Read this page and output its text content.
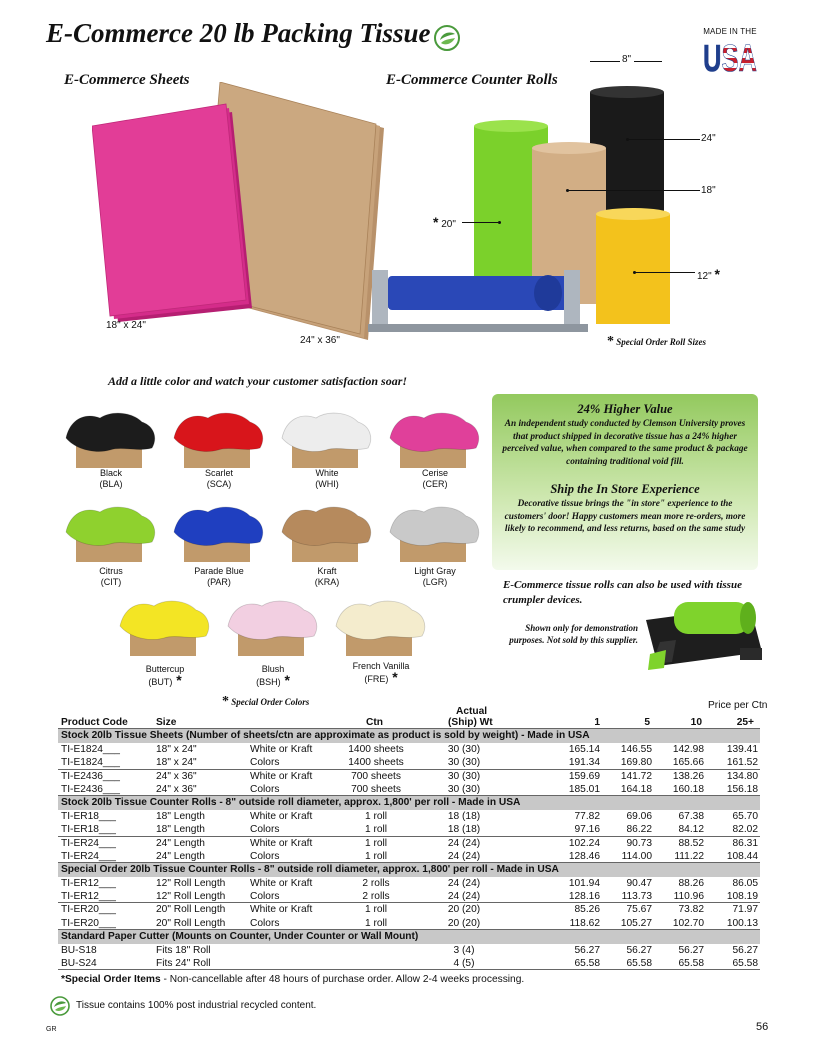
E-Commerce 20 lb Packing Tissue	MADE IN THE
USA
E-Commerce Sheets
18" x 24"
24" x 36"
E-Commerce Counter Rolls
8"
24"
18"
* 20"
12" *
* Special Order Roll Sizes
Add a little color and watch your customer satisfaction soar!
Black
(BLA)
Scarlet
(SCA)
White
(WHI)
Cerise
(CER)
Citrus
(CIT)
Parade Blue
(PAR)
Kraft
(KRA)
Light Gray
(LGR)
Buttercup
(BUT) *
Blush
(BSH) *
French Vanilla
(FRE) *
* Special Order Colors
24% Higher Value
An independent study conducted by Clemson University proves that product shipped in decorative tissue has a 24% higher perceived value, when compared to the same product & package containing traditional void fill.
Ship the In Store Experience
Decorative tissue brings the "in store" experience to the customers' door! Happy customers mean more re-orders, more likely to recommend, and less returns, based on the same study
E-Commerce tissue rolls can also be used with tissue crumpler devices.
Shown only for demonstration purposes. Not sold by this supplier.
Price per Ctn
Actual
Product Code	Size	Ctn	(Ship) Wt	1	5	10	25+
Stock 20lb Tissue Sheets (Number of sheets/ctn are approximate as product is sold by weight) - Made in USA
TI-E1824___	18" x 24"	White or Kraft	1400 sheets	30 (30)	165.14 146.55 142.98 139.41
TI-E1824___	18" x 24"	Colors	1400 sheets	30 (30)	191.34 169.80 165.66 161.52
TI-E2436___	24" x 36"	White or Kraft	700 sheets	30 (30)	159.69 141.72 138.26 134.80
TI-E2436___	24" x 36"	Colors	700 sheets	30 (30)	185.01 164.18 160.18 156.18
Stock 20lb Tissue Counter Rolls - 8" outside roll diameter, approx. 1,800' per roll - Made in USA
TI-ER18___	18" Length	White or Kraft	1 roll	18 (18)	77.82	69.06	67.38	65.70
TI-ER18___	18" Length	Colors	1 roll	18 (18)	97.16	86.22	84.12	82.02
TI-ER24___	24" Length	White or Kraft	1 roll	24 (24)	102.24	90.73	88.52	86.31
TI-ER24___	24" Length	Colors	1 roll	24 (24)	128.46 114.00 111.22 108.44
Special Order 20lb Tissue Counter Rolls - 8" outside roll diameter, approx. 1,800' per roll - Made in USA
TI-ER12___	12" Roll Length White or Kraft	2 rolls	24 (24)	101.94	90.47	88.26	86.05
TI-ER12___	12" Roll Length Colors	2 rolls	24 (24)	128.16 113.73 110.96 108.19
TI-ER20___	20" Roll Length White or Kraft	1 roll	20 (20)	85.26	75.67	73.82	71.97
TI-ER20___	20" Roll Length Colors	1 roll	20 (20)	118.62 105.27 102.70 100.13
Standard Paper Cutter (Mounts on Counter, Under Counter or Wall Mount)
BU-S18	Fits 18" Roll	3 (4)	56.27	56.27	56.27	56.27
BU-S24	Fits 24" Roll	4 (5)	65.58	65.58	65.58	65.58
*Special Order Items - Non-cancellable after 48 hours of purchase order. Allow 2-4 weeks processing.
Tissue contains 100% post industrial recycled content.
GR	56
